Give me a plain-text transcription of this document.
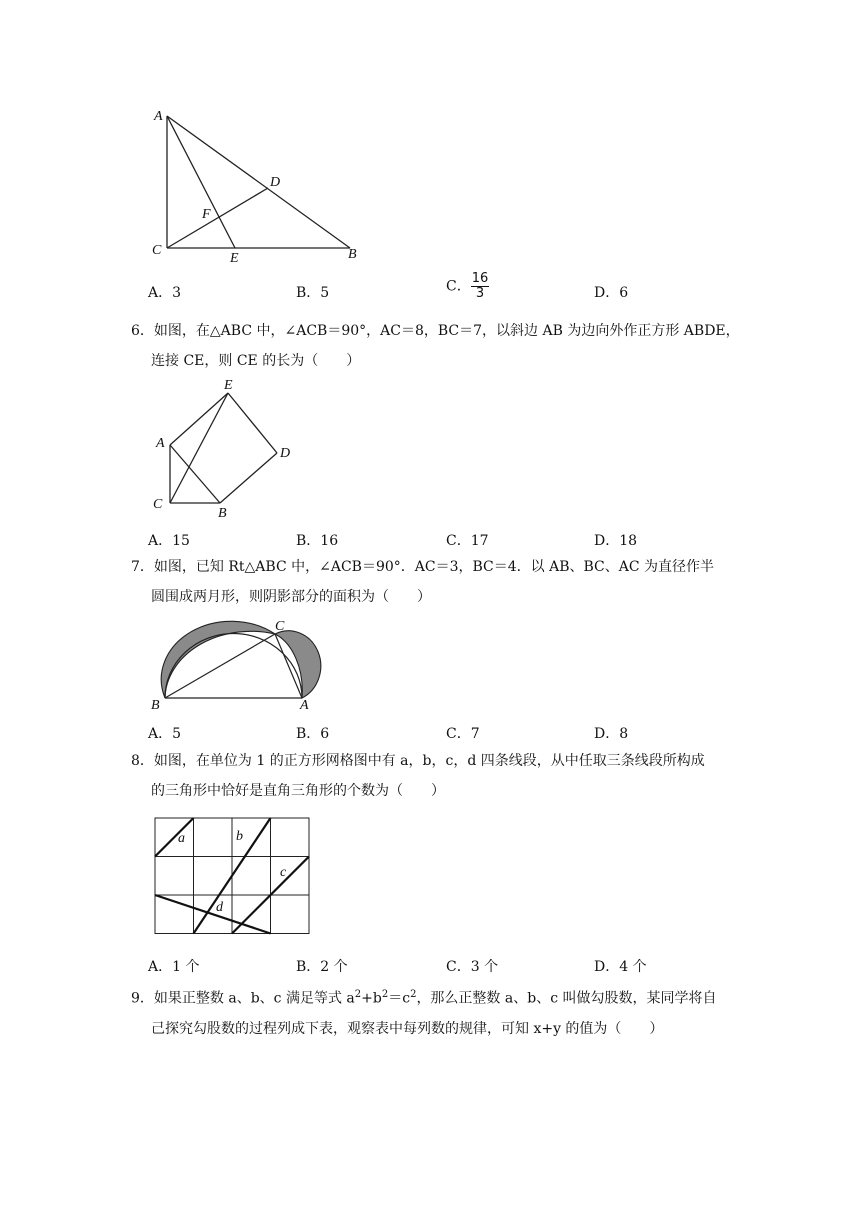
A
D
F
C
E	B
A．3	B．5	C． $\frac{16}{3}$	D．6
6．如图，在△ABC 中，∠ACB＝90°，AC＝8，BC＝7，以斜边 AB 为边向外作正方形 ABDE，
连接 CE，则 CE 的长为（　　）
E
A
D
C
B
A．15	B．16	C．17	D．18
7．如图，已知 Rt△ABC 中，∠ACB＝90°．AC＝3，BC＝4．以 AB、BC、AC 为直径作半
圆围成两月形，则阴影部分的面积为（　　）
C
B	A
A．5	B．6	C．7	D．8
8．如图，在单位为 1 的正方形网格图中有 a，b，c，d 四条线段，从中任取三条线段所构成
的三角形中恰好是直角三角形的个数为（　　）
a	b
c
d
A．1 个	B．2 个	C．3 个	D．4 个
9．如果正整数 a、b、c 满足等式 $a^2+b^2=c^2$，那么正整数 a、b、c 叫做勾股数，某同学将自
己探究勾股数的过程列成下表，观察表中每列数的规律，可知 x+y 的值为（　　）
